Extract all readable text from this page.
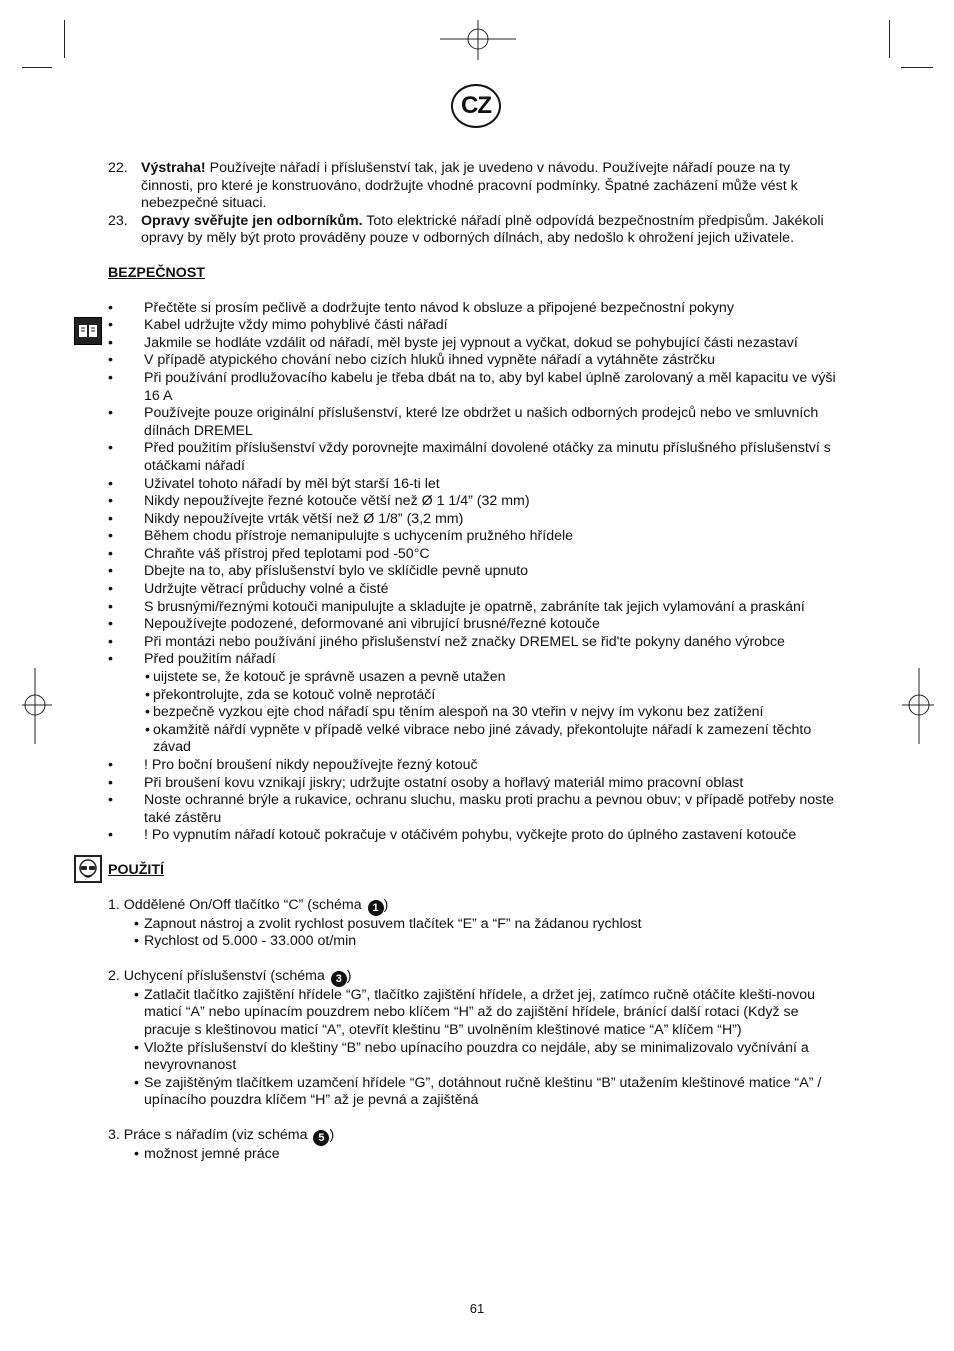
CZ
22. Výstraha! Používejte nářadí i příslušenství tak, jak je uvedeno v návodu. Používejte nářadí pouze na ty činnosti, pro které je konstruováno, dodržujte vhodné pracovní podmínky. Špatné zacházení může vést k nebezpečné situaci.
23. Opravy svěřujte jen odborníkům. Toto elektrické nářadí plně odpovídá bezpečnostním předpisům. Jakékoli opravy by měly být proto prováděny pouze v odborných dílnách, aby nedošlo k ohrožení jejich uživatele.
BEZPEČNOST
• Přečtěte si prosím pečlivě a dodržujte tento návod k obsluze a připojené bezpečnostní pokyny
• Kabel udržujte vždy mimo pohyblivé části nářadí
• Jakmile se hodláte vzdálit od nářadí, měl byste jej vypnout a vyčkat, dokud se pohybující části nezastaví
• V případě atypického chování nebo cizích hluků ihned vypněte nářadí a vytáhněte zástrčku
• Při používání prodlužovacího kabelu je třeba dbát na to, aby byl kabel úplně zarolovaný a měl kapacitu ve výši 16 A
• Používejte pouze originální příslušenství, které lze obdržet u našich odborných prodejců nebo ve smluvních dílnách DREMEL
• Před použitím příslušenství vždy porovnejte maximální dovolené otáčky za minutu příslušného příslušenství s otáčkami nářadí
• Uživatel tohoto nářadí by měl být starší 16-ti let
• Nikdy nepoužívejte řezné kotouče větší než Ø 1 1/4” (32 mm)
• Nikdy nepoužívejte vrták větší než Ø 1/8” (3,2 mm)
• Během chodu přístroje nemanipulujte s uchycením pružného hřídele
• Chraňte váš přístroj před teplotami pod -50°C
• Dbejte na to, aby příslušenství bylo ve sklíčidle pevně upnuto
• Udržujte větrací průduchy volné a čisté
• S brusnými/řeznými kotouči manipulujte a skladujte je opatrně, zabráníte tak jejich vylamování a praskání
• Nepoužívejte podozené, deformované ani vibrující brusné/řezné kotouče
• Při montázi nebo používání jiného přislušenství než značky DREMEL se řid'te pokyny daného výrobce
• Před použitím nářadí
• uijstete se, že kotouč je správně usazen a pevně utažen
• překontrolujte, zda se kotouč volně neprotáčí
• bezpečně vyzkou ejte chod nářadí spu těním alespoň na 30 vteřin v nejvy ím vykonu bez zatížení
• okamžitě nářdí vypněte v případě velké vibrace nebo jiné závady, překontolujte nářadí k zamezení těchto závad
• ! Pro boční broušení nikdy nepoužívejte řezný kotouč
• Při broušení kovu vznikají jiskry; udržujte ostatní osoby a hořlavý materiál mimo pracovní oblast
• Noste ochranné brýle a rukavice, ochranu sluchu, masku proti prachu a pevnou obuv; v případě potřeby noste také zástěru
• ! Po vypnutím nářadí kotouč pokračuje v otáčivém pohybu, vyčkejte proto do úplného zastavení kotouče
POUŽITÍ
1. Oddělené On/Off tlačítko “C” (schéma 1 )
• Zapnout nástroj a zvolit rychlost posuvem tlačítek “E” a “F” na žádanou rychlost
• Rychlost od 5.000 - 33.000 ot/min
2. Uchycení příslušenství (schéma 3 )
• Zatlačit tlačítko zajištění hřídele “G”, tlačítko zajištění hřídele, a držet jej, zatímco ručně otáčíte klešti-novou maticí “A” nebo upínacím pouzdrem nebo klíčem “H” až do zajištění hřídele, bránící další rotaci (Když se pracuje s kleštinovou maticí “A”, otevřít kleštinu “B” uvolněním kleštinové matice “A” klíčem “H”)
• Vložte příslušenství do kleštiny “B” nebo upínacího pouzdra co nejdále, aby se minimalizovalo vyčnívání a nevyrovnanost
• Se zajištěným tlačítkem uzamčení hřídele “G”, dotáhnout ručně kleštinu “B” utažením kleštinové matice “A” / upínacího pouzdra klíčem “H” až je pevná a zajištěná
3. Práce s nářadím (viz schéma 5 )
• možnost jemné práce
61
